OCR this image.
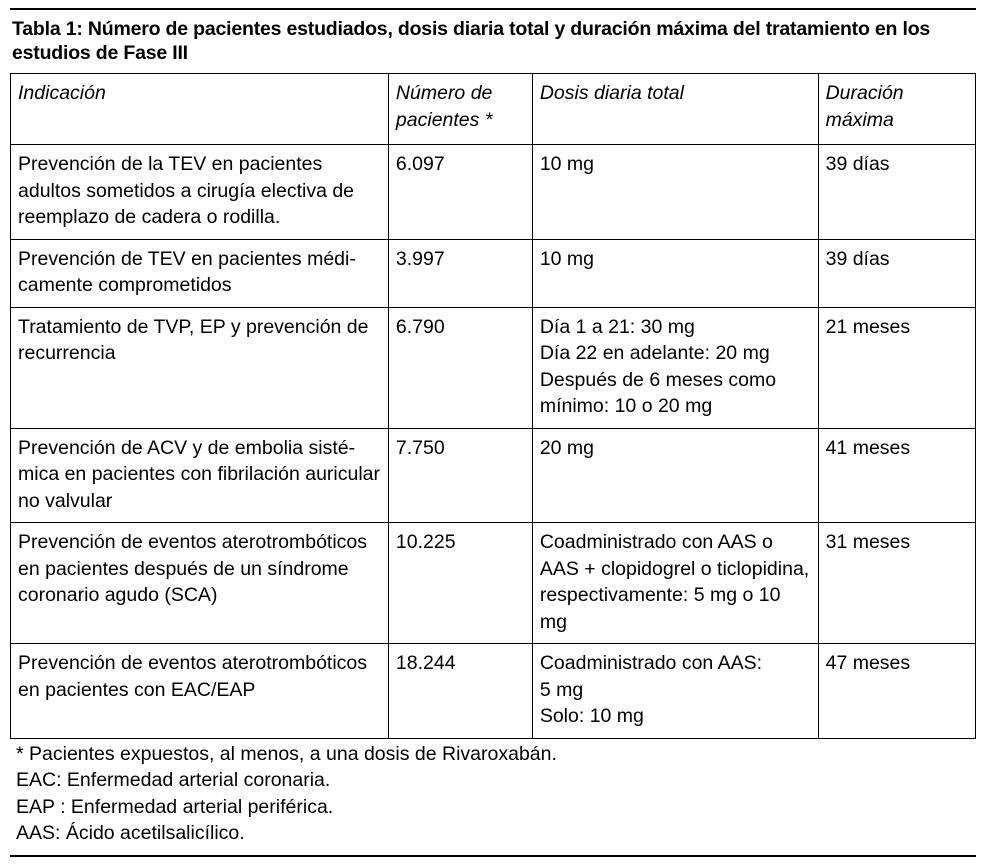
Tabla 1: Número de pacientes estudiados, dosis diaria total y duración máxima del tratamiento en los estudios de Fase III
Indicación	Número de pacientes *	Dosis diaria total	Duración máxima
Prevención de la TEV en pacientes adultos sometidos a cirugía electiva de reemplazo de cadera o rodilla.	6.097	10 mg	39 días
Prevención de TEV en pacientes médicamente comprometidos	3.997	10 mg	39 días
Tratamiento de TVP, EP y prevención de recurrencia	6.790	Día 1 a 21: 30 mg
Día 22 en adelante: 20 mg
Después de 6 meses como mínimo: 10 o 20 mg	21 meses
Prevención de ACV y de embolia sistémica en pacientes con fibrilación auricular no valvular	7.750	20 mg	41 meses
Prevención de eventos aterotrombóticos en pacientes después de un síndrome coronario agudo (SCA)	10.225	Coadministrado con AAS o AAS + clopidogrel o ticlopidina, respectivamente: 5 mg o 10 mg	31 meses
Prevención de eventos aterotrombóticos en pacientes con EAC/EAP	18.244	Coadministrado con AAS:
5 mg
Solo: 10 mg	47 meses
* Pacientes expuestos, al menos, a una dosis de Rivaroxabán.
EAC: Enfermedad arterial coronaria.
EAP : Enfermedad arterial periférica.
AAS: Ácido acetilsalicílico.
